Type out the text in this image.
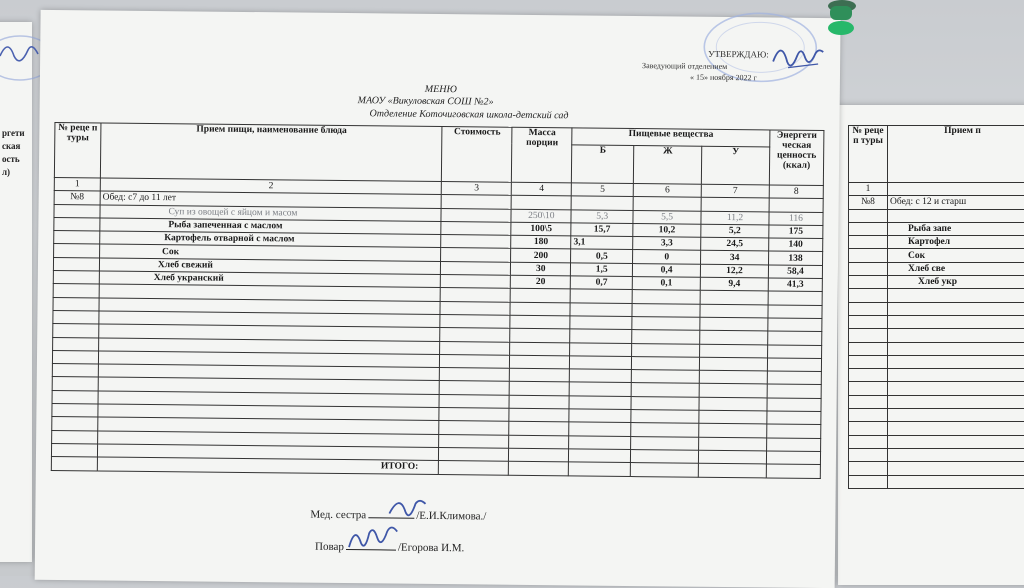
ргети
ская
ость
л)
№ реце п туры	Прием п
1	
№8	Обед: с 12 и старш

	Рыба запе
	Картофел
	Сок
	Хлеб све
	Хлеб укр

УТВЕРЖДАЮ:
Заведующий отделением
« 15» ноября 2022 г
МЕНЮ
МАОУ «Викуловская СОШ №2»
Отделение Коточиговская школа-детский сад
№ реце п туры	Прием пищи, наименование блюда	Стоимость	Масса порции	Пищевые вещества			Энергети ческая ценность (ккал)
				Б	Ж	У	
1	2	3	4	5	6	7	8
№8	Обед: с7 до 11 лет						
	Суп из овощей с яйцом и масом		250\10	5,3	5,5	11,2	116
	Рыба запеченная с маслом		100\5	15,7	10,2	5,2	175
	Картофель отварной с маслом		180	3,1	3,3	24,5	140
	Сок		200	0,5	0	34	138
	Хлеб свежий		30	1,5	0,4	12,2	58,4
	Хлеб укранский		20	0,7	0,1	9,4	41,3

	ИТОГО:						
Мед. сестра	/Е.И.Климова./
Повар	/Егорова И.М.
